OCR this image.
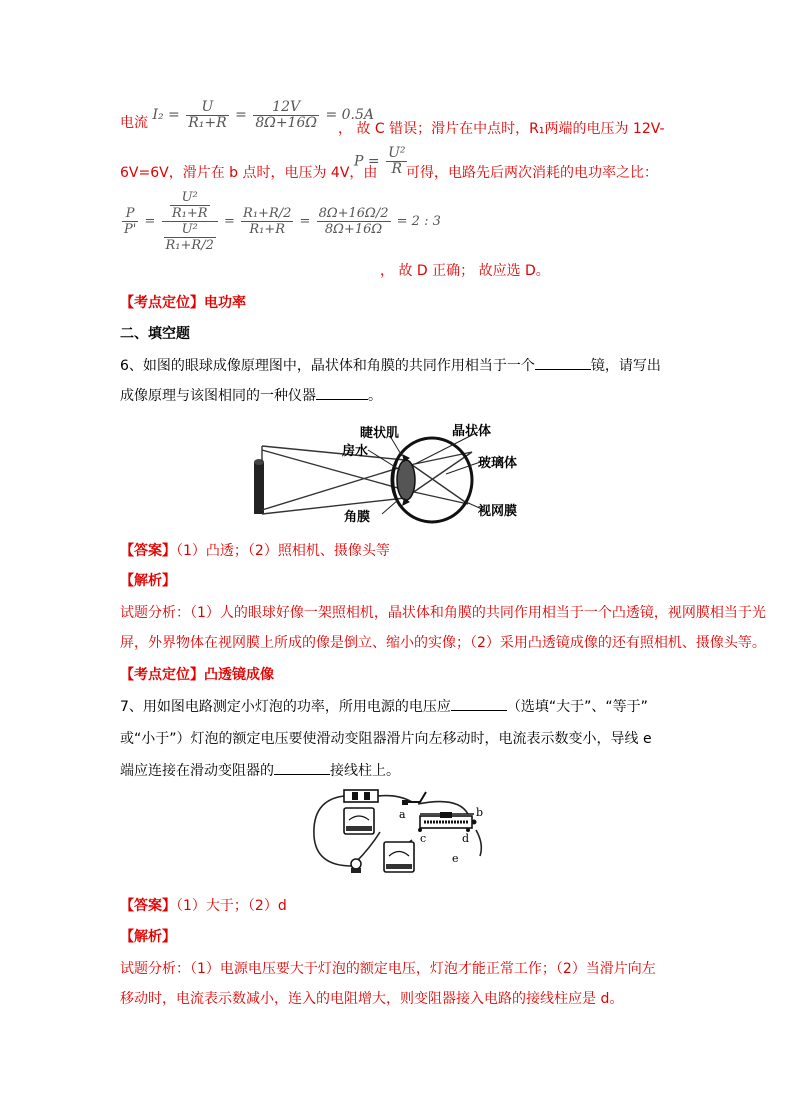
电流 $I_2 = \frac{U}{\text{R₁+R}} = \frac{12V}{8\Omega+16\Omega} = 0.5A$
， 故 C 错误；滑片在中点时，R₁两端的电压为 12V-
6V=6V，滑片在 b 点时，电压为 4V，由
$P = \frac{\text{U²}}{R}$
可得，电路先后两次消耗的电功率之比：
$\frac{P}{P'} = \frac{\frac{\text{U²}}{\text{R₁+R}}}{\frac{\text{U²}}{\text{R₁+R/2}}} = \frac{\text{R₁+R/2}}{\text{R₁+R}} = \frac{8\Omega+16\Omega/2}{8\Omega+16\Omega} = 2$ : 3
， 故 D 正确； 故应选 D。
【考点定位】电功率
二、填空题
6、如图的眼球成像原理图中，晶状体和角膜的共同作用相当于一个	镜，请写出
成像原理与该图相同的一种仪器	。
睫状肌	晶状体
房水
玻璃体
角膜	视网膜
【答案】（1）凸透；（2）照相机、摄像头等
【解析】
试题分析：（1）人的眼球好像一架照相机，晶状体和角膜的共同作用相当于一个凸透镜，视网膜相当于光
屏，外界物体在视网膜上所成的像是倒立、缩小的实像；（2）采用凸透镜成像的还有照相机、摄像头等。
【考点定位】凸透镜成像
7、用如图电路测定小灯泡的功率，所用电源的电压应	（选填“大于”、“等于”
或“小于”）灯泡的额定电压要使滑动变阻器滑片向左移动时，电流表示数变小，导线 e
端应连接在滑动变阻器的	接线柱上。
a	b
c	d
e
【答案】（1）大于；（2）d
【解析】
试题分析：（1）电源电压要大于灯泡的额定电压，灯泡才能正常工作；（2）当滑片向左
移动时，电流表示数减小，连入的电阻增大，则变阻器接入电路的接线柱应是 d。
